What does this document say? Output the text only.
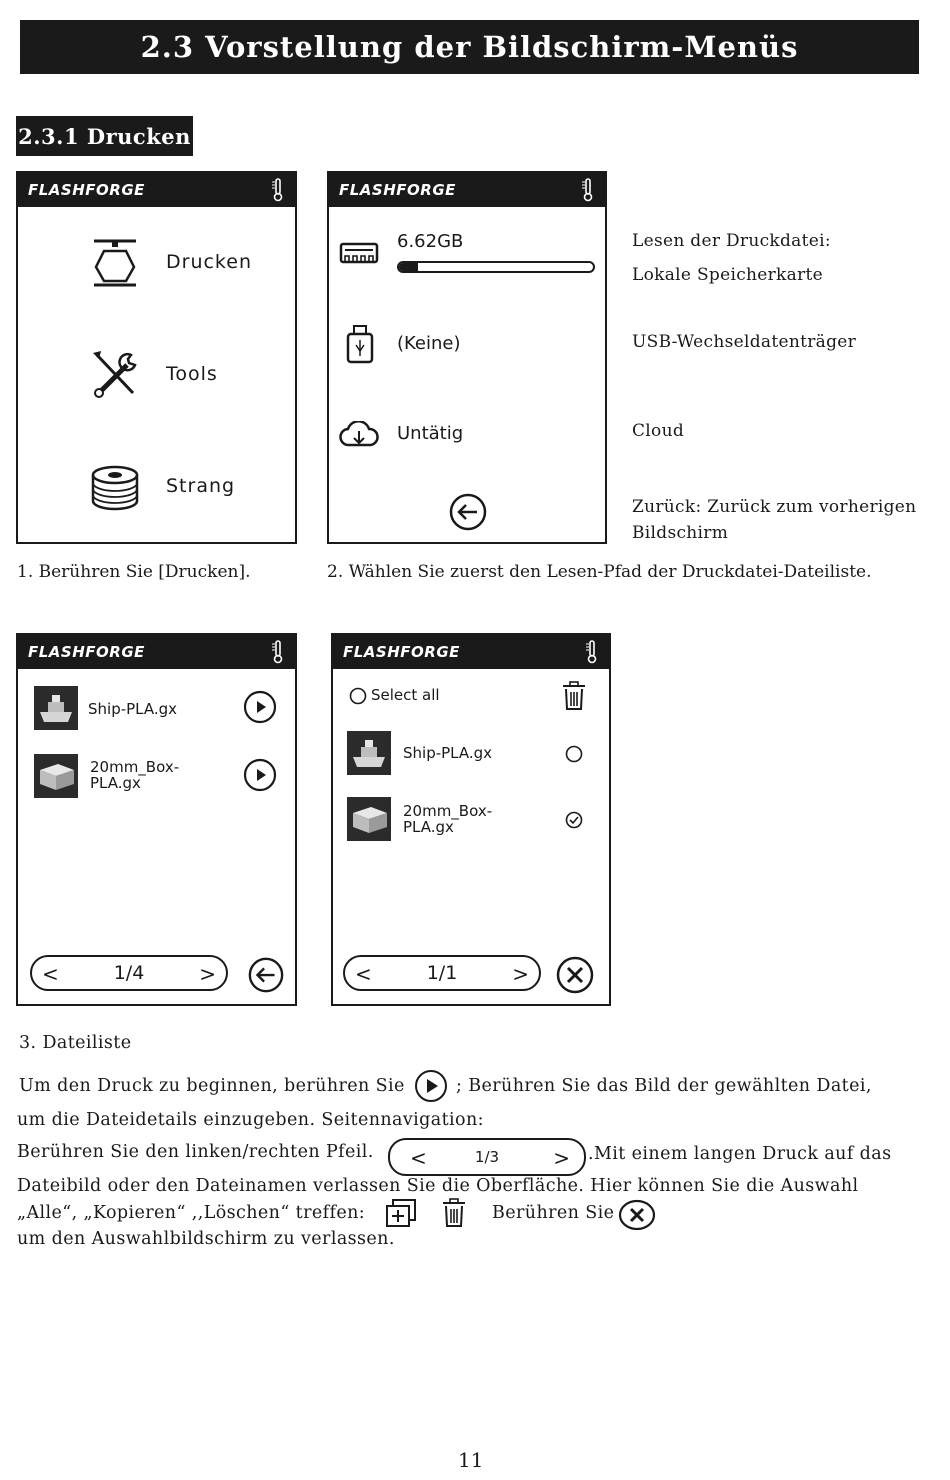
2.3 Vorstellung der Bildschirm-Menüs
2.3.1 Drucken
FLASHFORGE
Drucken
Tools
Strang
1. Berühren Sie [Drucken].
FLASHFORGE
6.62GB
(Keine)
Untätig
2. Wählen Sie zuerst den Lesen-Pfad der Druckdatei-Dateiliste.
Lesen der Druckdatei:
Lokale Speicherkarte
USB-Wechseldatenträger
Cloud
Zurück: Zurück zum vorherigen
Bildschirm
FLASHFORGE
Ship-PLA.gx
20mm_Box-
PLA.gx
<	1/4	>
FLASHFORGE
Select all
Ship-PLA.gx
20mm_Box-
PLA.gx
<	1/1	>
3. Dateiliste
Um den Druck zu beginnen, berühren Sie	; Berühren Sie das Bild der gewählten Datei,
um die Dateidetails einzugeben. Seitennavigation:
Berühren Sie den linken/rechten Pfeil. <	1/3	> .Mit einem langen Druck auf das
Dateibild oder den Dateinamen verlassen Sie die Oberfläche. Hier können Sie die Auswahl
„Alle“, „Kopieren“ ,,Löschen“ treffen:	Berühren Sie
um den Auswahlbildschirm zu verlassen.
11
